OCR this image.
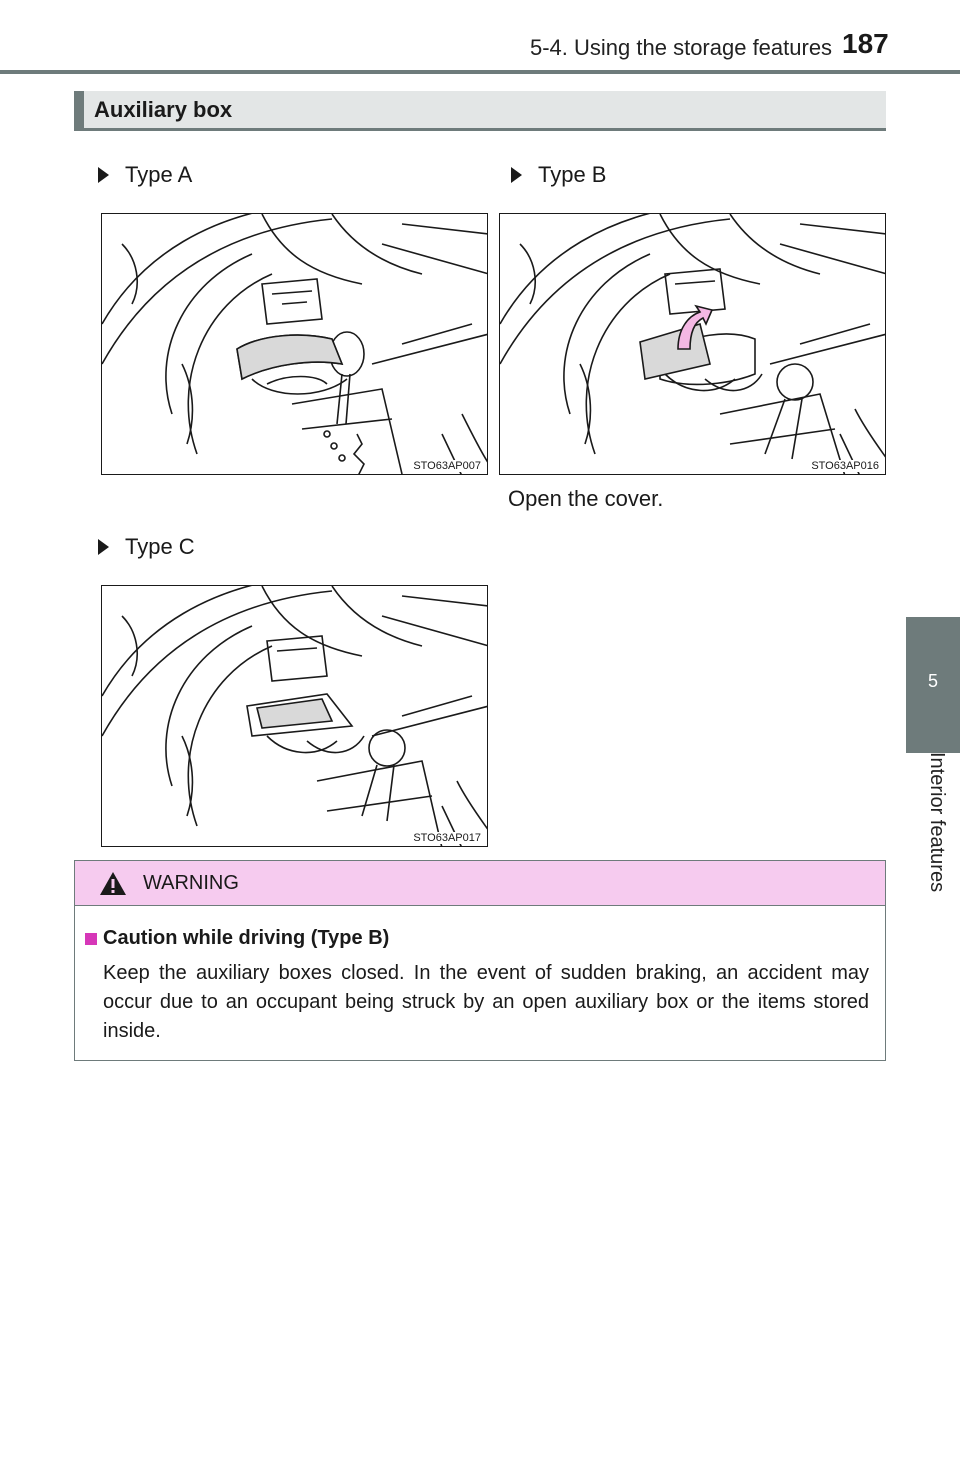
5-4. Using the storage features 187
5
Interior features
Auxiliary box
Type A
STO63AP007
Type B
STO63AP016
Open the cover.
Type C
STO63AP017
WARNING
Caution while driving (Type B)
Keep the auxiliary boxes closed. In the event of sudden braking, an accident may occur due to an occupant being struck by an open auxiliary box or the items stored inside.
